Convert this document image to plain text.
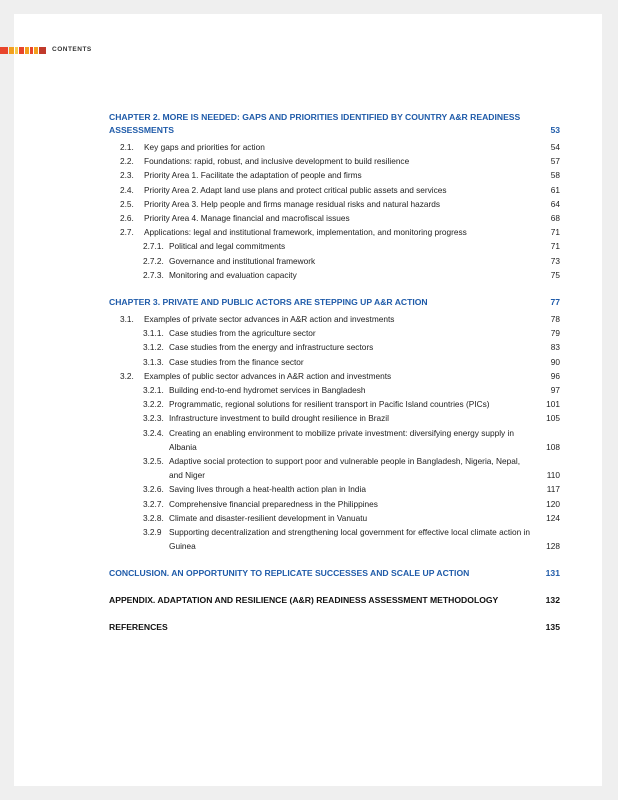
CONTENTS
CHAPTER 2. MORE IS NEEDED: GAPS AND PRIORITIES IDENTIFIED BY COUNTRY A&R READINESS ASSESSMENTS	53
2.1. Key gaps and priorities for action	54
2.2. Foundations: rapid, robust, and inclusive development to build resilience	57
2.3. Priority Area 1. Facilitate the adaptation of people and firms	58
2.4. Priority Area 2. Adapt land use plans and protect critical public assets and services	61
2.5. Priority Area 3. Help people and firms manage residual risks and natural hazards	64
2.6. Priority Area 4. Manage financial and macrofiscal issues	68
2.7. Applications: legal and institutional framework, implementation, and monitoring progress	71
2.7.1. Political and legal commitments	71
2.7.2. Governance and institutional framework	73
2.7.3. Monitoring and evaluation capacity	75
CHAPTER 3. PRIVATE AND PUBLIC ACTORS ARE STEPPING UP A&R ACTION	77
3.1. Examples of private sector advances in A&R action and investments	78
3.1.1. Case studies from the agriculture sector	79
3.1.2. Case studies from the energy and infrastructure sectors	83
3.1.3. Case studies from the finance sector	90
3.2. Examples of public sector advances in A&R action and investments	96
3.2.1. Building end-to-end hydromet services in Bangladesh	97
3.2.2. Programmatic, regional solutions for resilient transport in Pacific Island countries (PICs)	101
3.2.3. Infrastructure investment to build drought resilience in Brazil	105
3.2.4. Creating an enabling environment to mobilize private investment: diversifying energy supply in Albania	108
3.2.5. Adaptive social protection to support poor and vulnerable people in Bangladesh, Nigeria, Nepal, and Niger	110
3.2.6. Saving lives through a heat-health action plan in India	117
3.2.7. Comprehensive financial preparedness in the Philippines	120
3.2.8. Climate and disaster-resilient development in Vanuatu	124
3.2.9 Supporting decentralization and strengthening local government for effective local climate action in Guinea	128
CONCLUSION. AN OPPORTUNITY TO REPLICATE SUCCESSES AND SCALE UP ACTION	131
APPENDIX. ADAPTATION AND RESILIENCE (A&R) READINESS ASSESSMENT METHODOLOGY	132
REFERENCES	135
2
